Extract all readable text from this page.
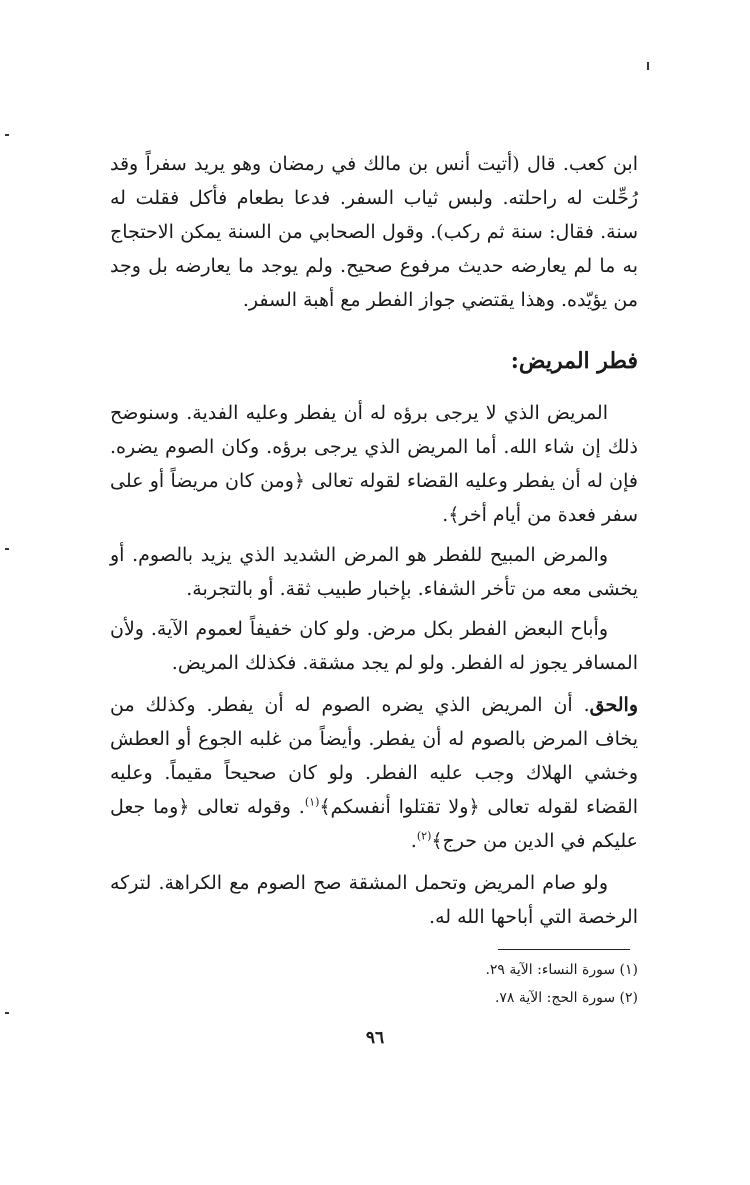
ابن كعب. قال (أتيت أنس بن مالك في رمضان وهو يريد سفراً وقد رُحِّلت له راحلته. ولبس ثياب السفر. فدعا بطعام فأكل فقلت له سنة. فقال: سنة ثم ركب). وقول الصحابي من السنة يمكن الاحتجاج به ما لم يعارضه حديث مرفوع صحيح. ولم يوجد ما يعارضه بل وجد من يؤيّده. وهذا يقتضي جواز الفطر مع أهبة السفر.

فطر المريض:

المريض الذي لا يرجى برؤه له أن يفطر وعليه الفدية. وسنوضح ذلك إن شاء الله. أما المريض الذي يرجى برؤه. وكان الصوم يضره. فإن له أن يفطر وعليه القضاء لقوله تعالى ﴿ومن كان مريضاً أو على سفر فعدة من أيام أخر﴾.

والمرض المبيح للفطر هو المرض الشديد الذي يزيد بالصوم. أو يخشى معه من تأخر الشفاء. بإخبار طبيب ثقة. أو بالتجربة.

وأباح البعض الفطر بكل مرض. ولو كان خفيفاً لعموم الآية. ولأن المسافر يجوز له الفطر. ولو لم يجد مشقة. فكذلك المريض.

والحق. أن المريض الذي يضره الصوم له أن يفطر. وكذلك من يخاف المرض بالصوم له أن يفطر. وأيضاً من غلبه الجوع أو العطش وخشي الهلاك وجب عليه الفطر. ولو كان صحيحاً مقيماً. وعليه القضاء لقوله تعالى ﴿ولا تقتلوا أنفسكم﴾$^{(١)}$. وقوله تعالى ﴿وما جعل عليكم في الدين من حرج﴾$^{(٢)}$.

ولو صام المريض وتحمل المشقة صح الصوم مع الكراهة. لتركه الرخصة التي أباحها الله له.

(١) سورة النساء: الآية ٢٩.

(٢) سورة الحج: الآية ٧٨.

٩٦
